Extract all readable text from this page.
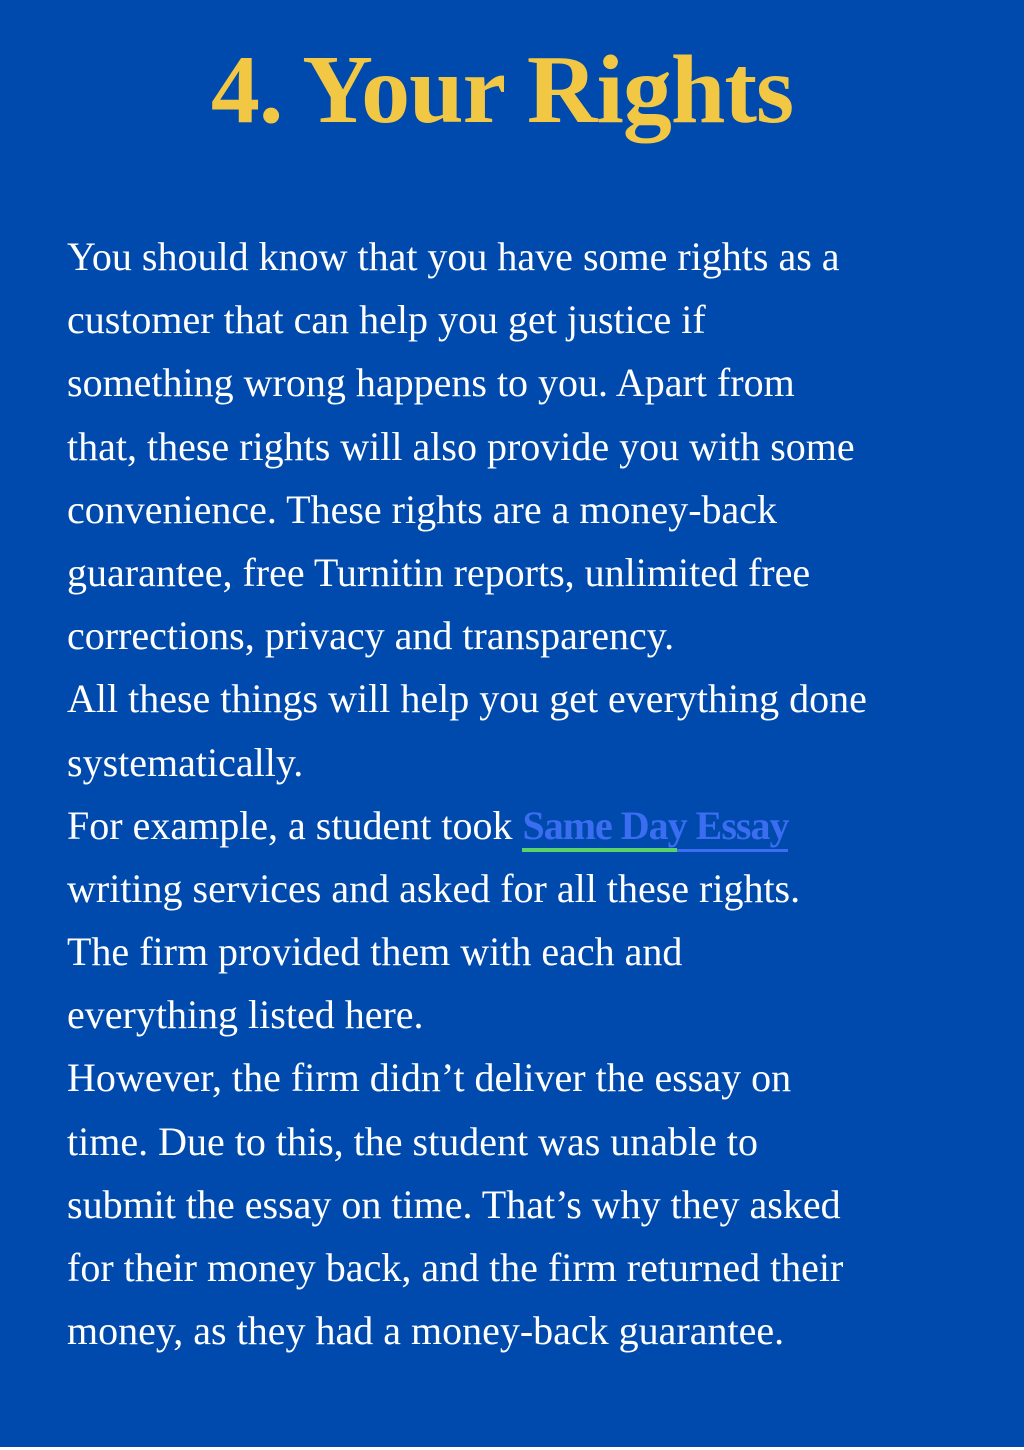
4. Your Rights
You should know that you have some rights as a
customer that can help you get justice if
something wrong happens to you. Apart from
that, these rights will also provide you with some
convenience. These rights are a money-back
guarantee, free Turnitin reports, unlimited free
corrections, privacy and transparency.
All these things will help you get everything done
systematically.
For example, a student took Same Day Essay
writing services and asked for all these rights.
The firm provided them with each and
everything listed here.
However, the firm didn’t deliver the essay on
time. Due to this, the student was unable to
submit the essay on time. That’s why they asked
for their money back, and the firm returned their
money, as they had a money-back guarantee.
